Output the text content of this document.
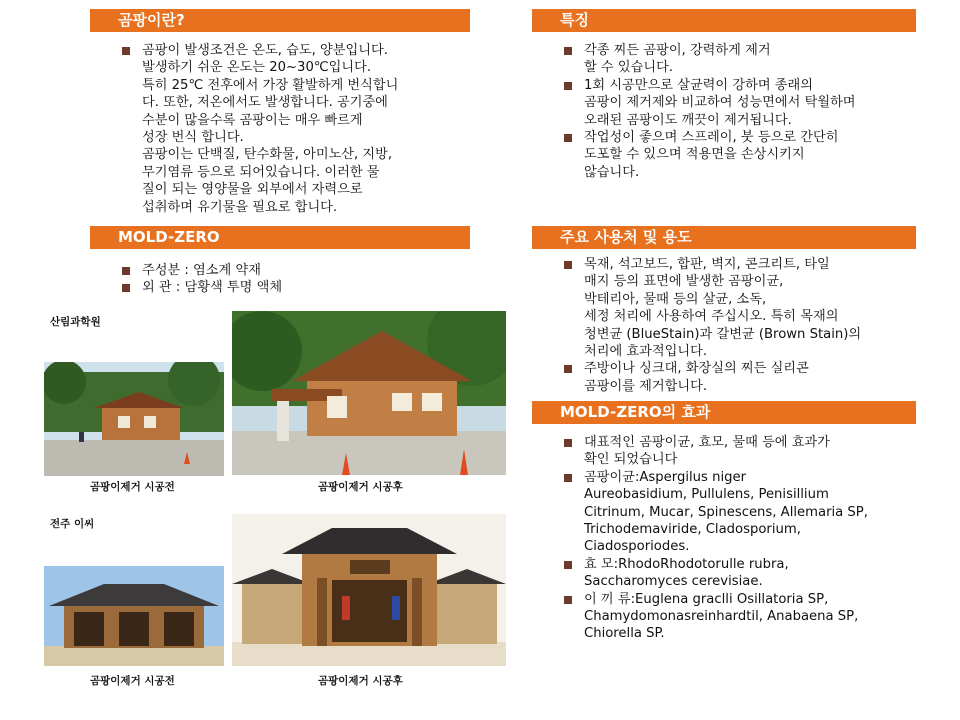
곰팡이란?
곰팡이 발생조건은 온도, 습도, 양분입니다.
발생하기 쉬운 온도는 20~30℃입니다.
특히 25℃ 전후에서 가장 활발하게 번식합니
다. 또한, 저온에서도 발생합니다. 공기중에
수분이 많을수록 곰팡이는 매우 빠르게
성장 번식 합니다.
곰팡이는 단백질, 탄수화물, 아미노산, 지방,
무기염류 등으로 되어있습니다. 이러한 물
질이 되는 영양물을 외부에서 자력으로
섭취하며 유기물을 필요로 합니다.
MOLD-ZERO
주성분 : 염소계 약재
외 관 : 담황색 투명 액체
산림과학원
곰팡이제거 시공전	곰팡이제거 시공후
전주 이씨
곰팡이제거 시공전	곰팡이제거 시공후
특징
각종 찌든 곰팡이, 강력하게 제거
할 수 있습니다.
1회 시공만으로 살균력이 강하며 종래의
곰팡이 제거제와 비교하여 성능면에서 탁월하며
오래된 곰팡이도 깨끗이 제거됩니다.
작업성이 좋으며 스프레이, 붓 등으로 간단히
도포할 수 있으며 적용면을 손상시키지
않습니다.
주요 사용처 및 용도
목재, 석고보드, 합판, 벽지, 콘크리트, 타일
매지 등의 표면에 발생한 곰팡이균,
박테리아, 물때 등의 살균, 소독,
세정 처리에 사용하여 주십시오. 특히 목재의
청변균 (BlueStain)과 갈변균 (Brown Stain)의
처리에 효과적입니다.
주방이나 싱크대, 화장실의 찌든 실리콘
곰팡이를 제거합니다.
MOLD-ZERO의 효과
대표적인 곰팡이균, 효모, 물때 등에 효과가
확인 되었습니다
곰팡이균:Aspergilus niger
Aureobasidium, Pullulens, Penisillium
Citrinum, Mucar, Spinescens, Allemaria SP,
Trichodemaviride, Cladosporium,
Ciadosporiodes.
효 모:RhodoRhodotorulle rubra,
Saccharomyces cerevisiae.
이 끼 류:Euglena graclli Osillatoria SP,
Chamydomonasreinhardtil, Anabaena SP,
Chiorella SP.
